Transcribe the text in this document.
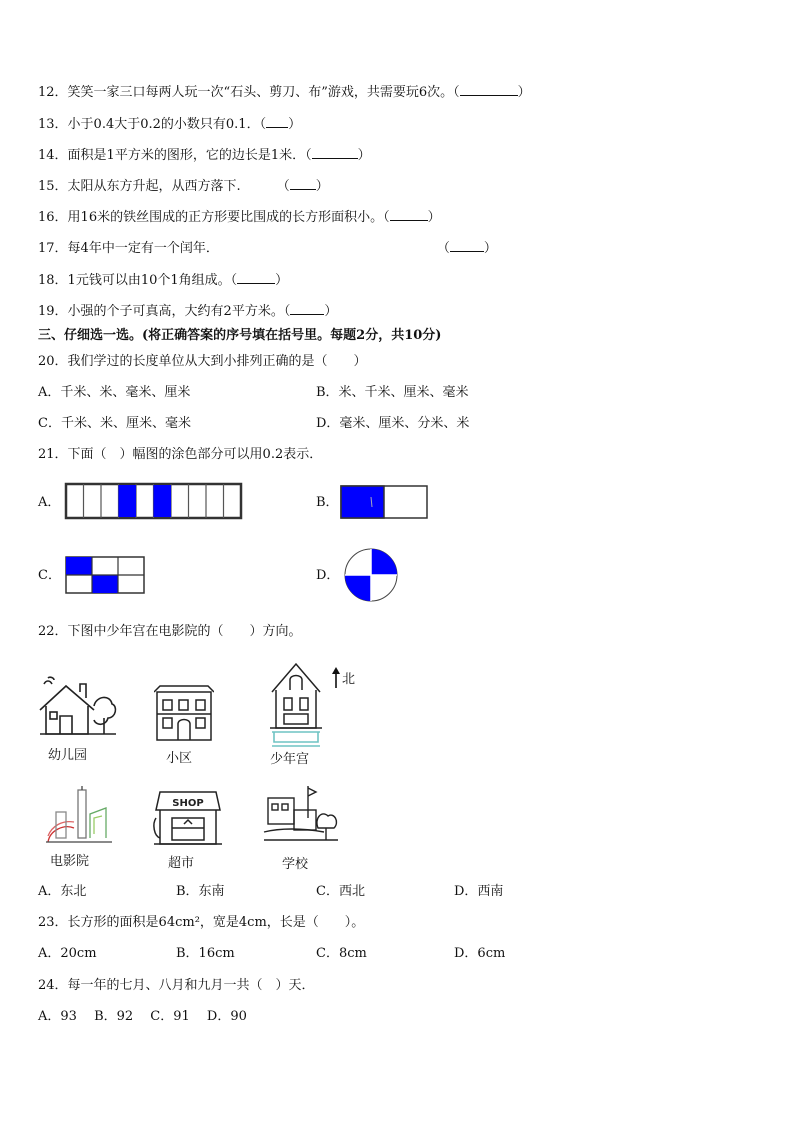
12．笑笑一家三口每两人玩一次“石头、剪刀、布”游戏，共需要玩6次。（	）
13．小于0.4大于0.2的小数只有0.1．（ ）
14．面积是1平方米的图形，它的边长是1米．（	）
15．太阳从东方升起，从西方落下.	（ ）
16．用16米的铁丝围成的正方形要比围成的长方形面积小。（	）
17．每4年中一定有一个闰年．	（	）
18．1元钱可以由10个1角组成。（	）
19．小强的个子可真高，大约有2平方米。（	）
三、仔细选一选。(将正确答案的序号填在括号里。每题2分，共10分)
20．我们学过的长度单位从大到小排列正确的是（　　）
A．千米、米、毫米、厘米	B．米、千米、厘米、毫米
C．千米、米、厘米、毫米	D．毫米、厘米、分米、米
21．下面（　）幅图的涂色部分可以用0.2表示．
A．	B．
C．	D．
22．下图中少年宫在电影院的（　　）方向。
北
幼儿园	小区	少年宫
电影院
SHOP
超市	学校
A．东北	B．东南	C．西北	D．西南
23．长方形的面积是64cm²，宽是4cm，长是（　　）。
A．20cm	B．16cm	C．8cm	D．6cm
24．每一年的七月、八月和九月一共（　）天．
A．93　 B．92　 C．91　 D．90
